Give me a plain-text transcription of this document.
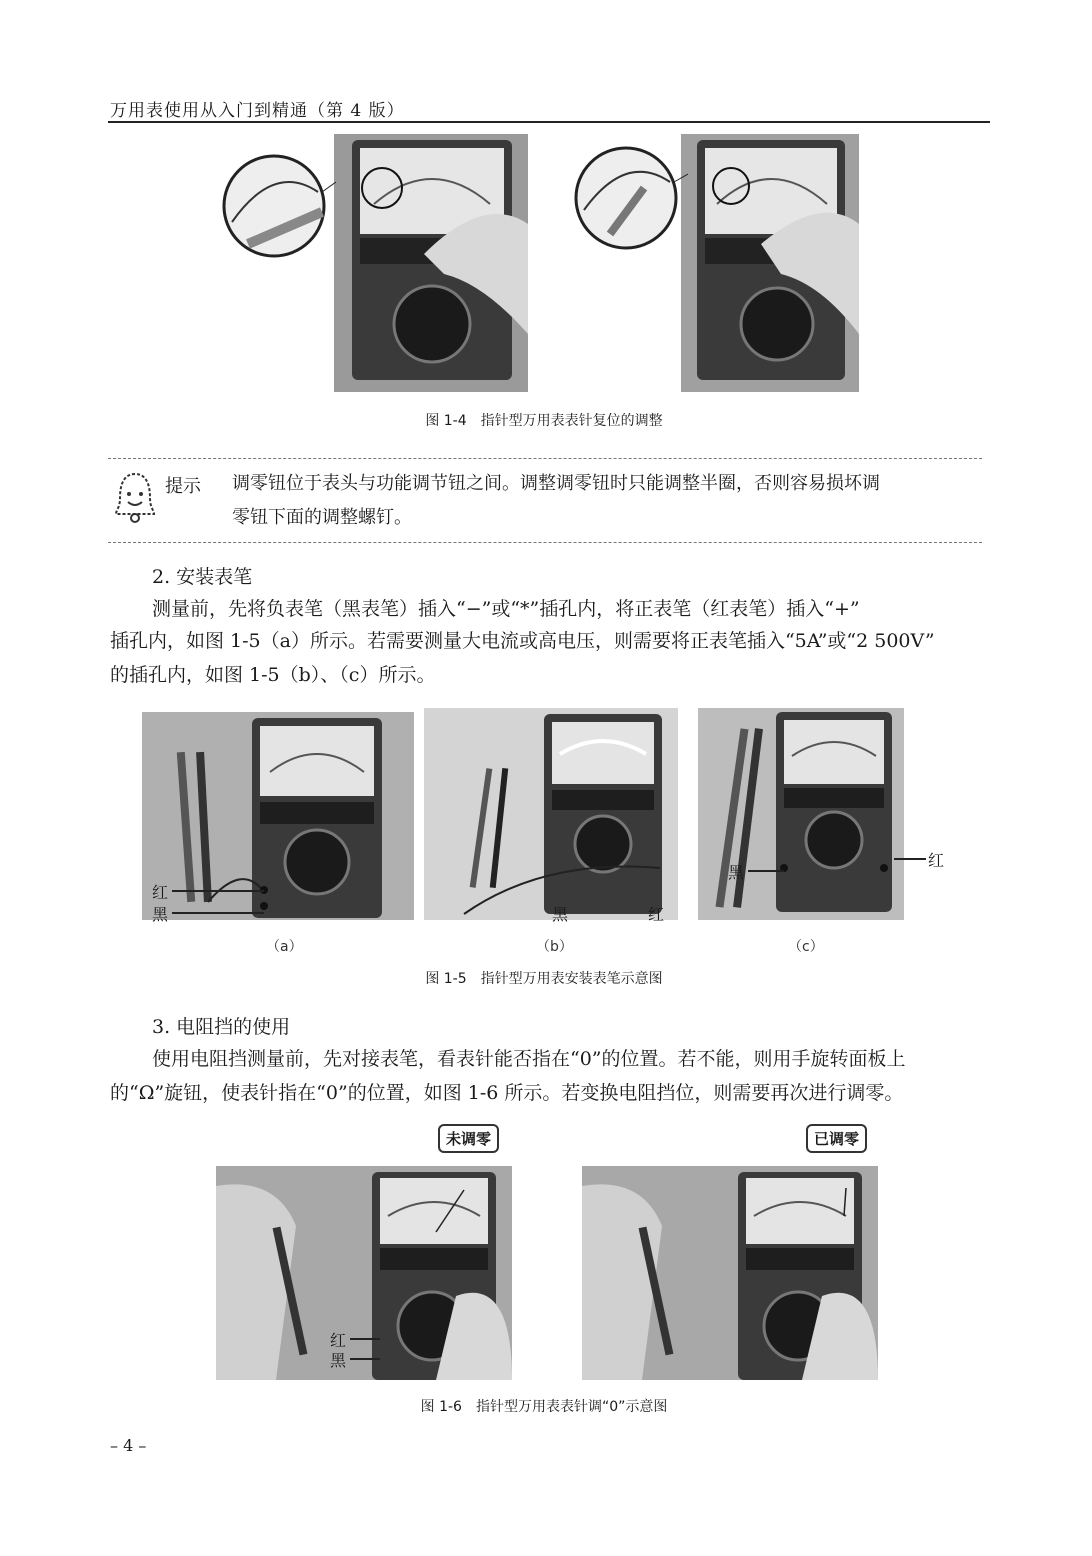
万用表使用从入门到精通（第 4 版）
图 1-4　指针型万用表表针复位的调整
提示 调零钮位于表头与功能调节钮之间。调整调零钮时只能调整半圈，否则容易损坏调
零钮下面的调整螺钉。
2. 安装表笔
测量前，先将负表笔（黑表笔）插入“−”或“*”插孔内，将正表笔（红表笔）插入“+”
插孔内，如图 1-5（a）所示。若需要测量大电流或高电压，则需要将正表笔插入“5A”或“2 500V”
的插孔内，如图 1-5（b）、（c）所示。
红
黑	黑	红
黑
红
（a）	（b）	（c）
图 1-5　指针型万用表安装表笔示意图
3. 电阻挡的使用
使用电阻挡测量前，先对接表笔，看表针能否指在“0”的位置。若不能，则用手旋转面板上
的“Ω”旋钮，使表针指在“0”的位置，如图 1-6 所示。若变换电阻挡位，则需要再次进行调零。
未调零	已调零
红
黑
图 1-6　指针型万用表表针调“0”示意图
– 4 –
